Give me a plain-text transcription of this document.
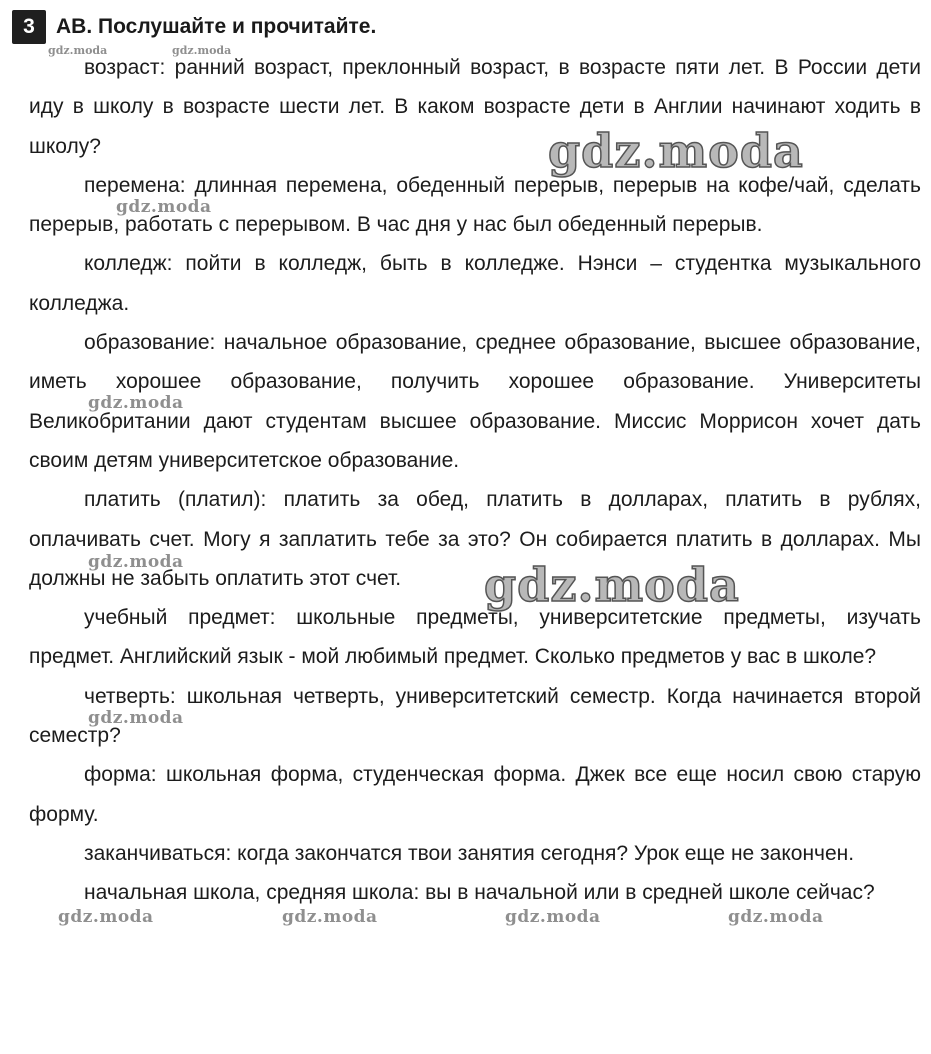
3	AB. Послушайте и прочитайте.

возраст: ранний возраст, преклонный возраст, в возрасте пяти лет. В России дети иду в школу в возрасте шести лет. В каком возрасте дети в Англии начинают ходить в школу?

перемена: длинная перемена, обеденный перерыв, перерыв на кофе/чай, сделать перерыв, работать с перерывом. В час дня у нас был обеденный перерыв.

колледж: пойти в колледж, быть в колледже. Нэнси – студентка музыкального колледжа.

образование: начальное образование, среднее образование, высшее образование, иметь хорошее образование, получить хорошее образование. Университеты Великобритании дают студентам высшее образование. Миссис Моррисон хочет дать своим детям университетское образование.

платить (платил): платить за обед, платить в долларах, платить в рублях, оплачивать счет. Могу я заплатить тебе за это? Он собирается платить в долларах. Мы должны не забыть оплатить этот счет.

учебный предмет: школьные предметы, университетские предметы, изучать предмет. Английский язык - мой любимый предмет. Сколько предметов у вас в школе?

четверть: школьная четверть, университетский семестр. Когда начинается второй семестр?

форма: школьная форма, студенческая форма. Джек все еще носил свою старую форму.

заканчиваться: когда закончатся твои занятия сегодня? Урок еще не закончен.

начальная школа, средняя школа: вы в начальной или в средней школе сейчас?

gdz.moda	gdz.moda
gdz.moda
gdz.moda
gdz.moda
gdz.moda	gdz.moda
gdz.moda
gdz.moda	gdz.moda	gdz.moda	gdz.moda
